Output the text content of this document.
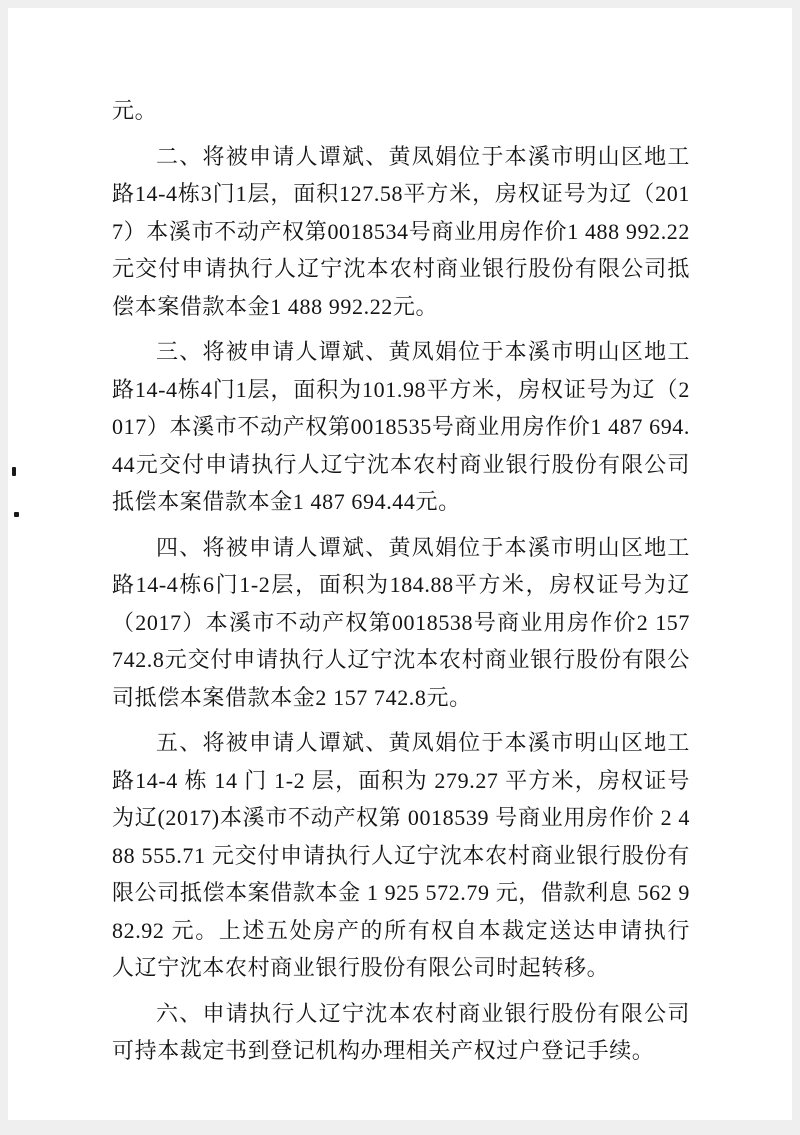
元。

二、将被申请人谭斌、黄凤娟位于本溪市明山区地工路14-4栋3门1层，面积127.58平方米，房权证号为辽（2017）本溪市不动产权第0018534号商业用房作价1 488 992.22元交付申请执行人辽宁沈本农村商业银行股份有限公司抵偿本案借款本金1 488 992.22元。

三、将被申请人谭斌、黄凤娟位于本溪市明山区地工路14-4栋4门1层，面积为101.98平方米，房权证号为辽（2017）本溪市不动产权第0018535号商业用房作价1 487 694.44元交付申请执行人辽宁沈本农村商业银行股份有限公司抵偿本案借款本金1 487 694.44元。

四、将被申请人谭斌、黄凤娟位于本溪市明山区地工路14-4栋6门1-2层，面积为184.88平方米，房权证号为辽（2017）本溪市不动产权第0018538号商业用房作价2 157 742.8元交付申请执行人辽宁沈本农村商业银行股份有限公司抵偿本案借款本金2 157 742.8元。

五、将被申请人谭斌、黄凤娟位于本溪市明山区地工路14-4 栋 14 门 1-2 层，面积为 279.27 平方米，房权证号为辽(2017)本溪市不动产权第 0018539 号商业用房作价 2 488 555.71 元交付申请执行人辽宁沈本农村商业银行股份有限公司抵偿本案借款本金 1 925 572.79 元，借款利息 562 982.92 元。上述五处房产的所有权自本裁定送达申请执行人辽宁沈本农村商业银行股份有限公司时起转移。

六、申请执行人辽宁沈本农村商业银行股份有限公司可持本裁定书到登记机构办理相关产权过户登记手续。
